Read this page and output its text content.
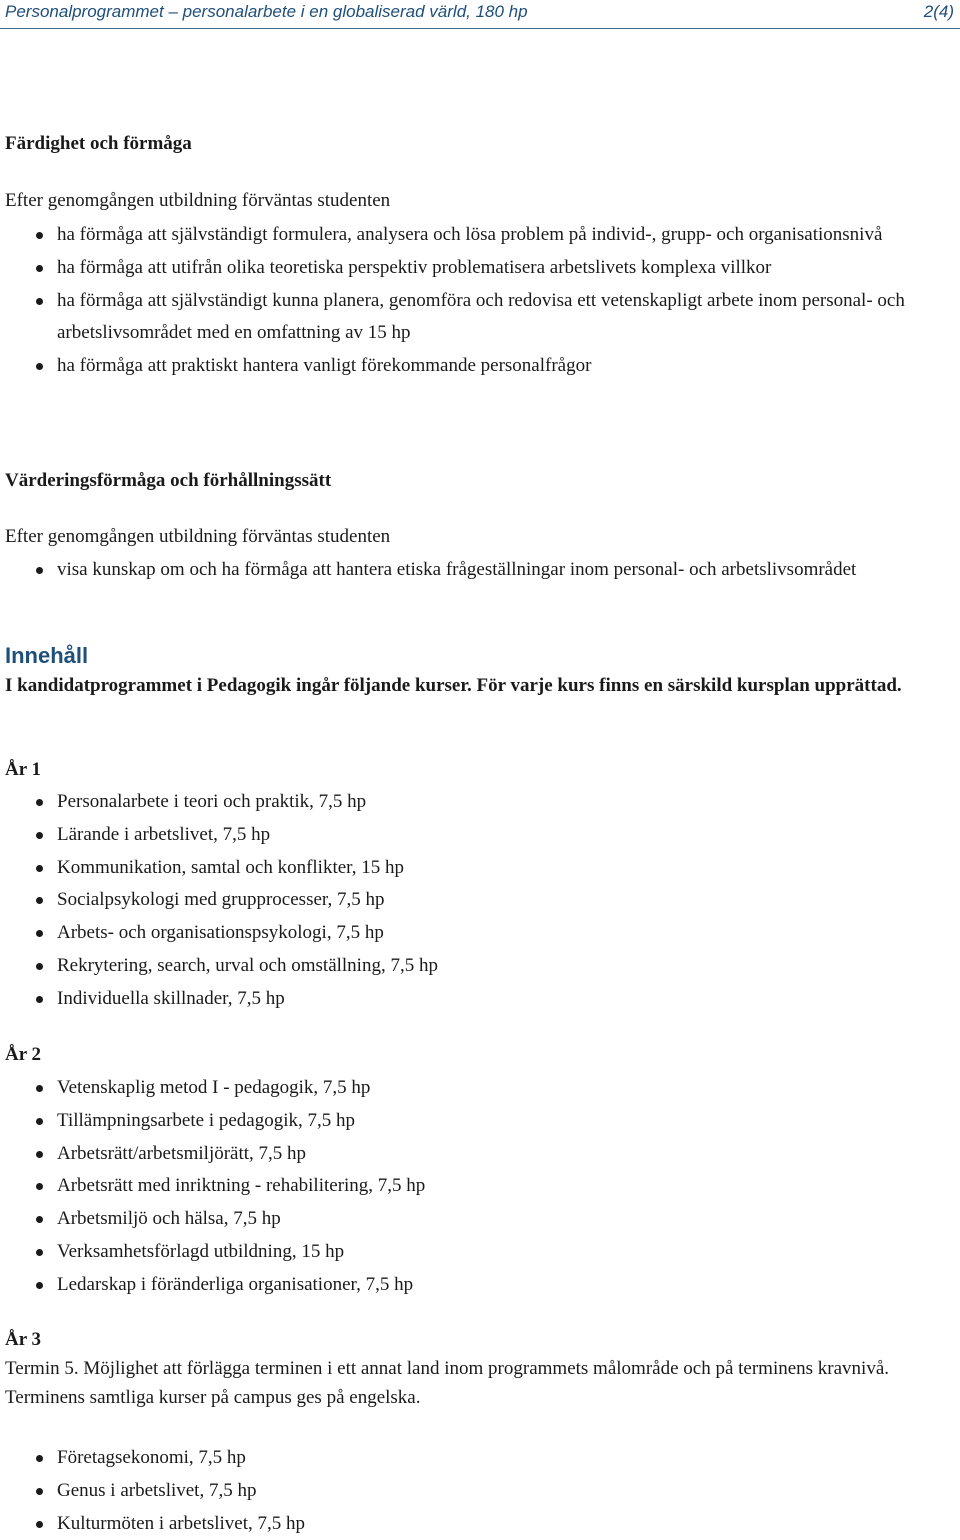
Personalprogrammet – personalarbete i en globaliserad värld, 180 hp	2(4)
Färdighet och förmåga

Efter genomgången utbildning förväntas studenten

ha förmåga att självständigt formulera, analysera och lösa problem på individ-, grupp- och organisationsnivå
ha förmåga att utifrån olika teoretiska perspektiv problematisera arbetslivets komplexa villkor
ha förmåga att självständigt kunna planera, genomföra och redovisa ett vetenskapligt arbete inom personal- och arbetslivsområdet med en omfattning av 15 hp
ha förmåga att praktiskt hantera vanligt förekommande personalfrågor
Värderingsförmåga och förhållningssätt

Efter genomgången utbildning förväntas studenten

visa kunskap om och ha förmåga att hantera etiska frågeställningar inom personal- och arbetslivsområdet
Innehåll

I kandidatprogrammet i Pedagogik ingår följande kurser. För varje kurs finns en särskild kursplan upprättad.

År 1
Personalarbete i teori och praktik, 7,5 hp
Lärande i arbetslivet, 7,5 hp
Kommunikation, samtal och konflikter, 15 hp
Socialpsykologi med grupprocesser, 7,5 hp
Arbets- och organisationspsykologi, 7,5 hp
Rekrytering, search, urval och omställning, 7,5 hp
Individuella skillnader, 7,5 hp
År 2
Vetenskaplig metod I - pedagogik, 7,5 hp
Tillämpningsarbete i pedagogik, 7,5 hp
Arbetsrätt/arbetsmiljörätt, 7,5 hp
Arbetsrätt med inriktning - rehabilitering, 7,5 hp
Arbetsmiljö och hälsa, 7,5 hp
Verksamhetsförlagd utbildning, 15 hp
Ledarskap i föränderliga organisationer, 7,5 hp
År 3

Termin 5. Möjlighet att förlägga terminen i ett annat land inom programmets målområde och på terminens kravnivå. Terminens samtliga kurser på campus ges på engelska.

Företagsekonomi, 7,5 hp
Genus i arbetslivet, 7,5 hp
Kulturmöten i arbetslivet, 7,5 hp
